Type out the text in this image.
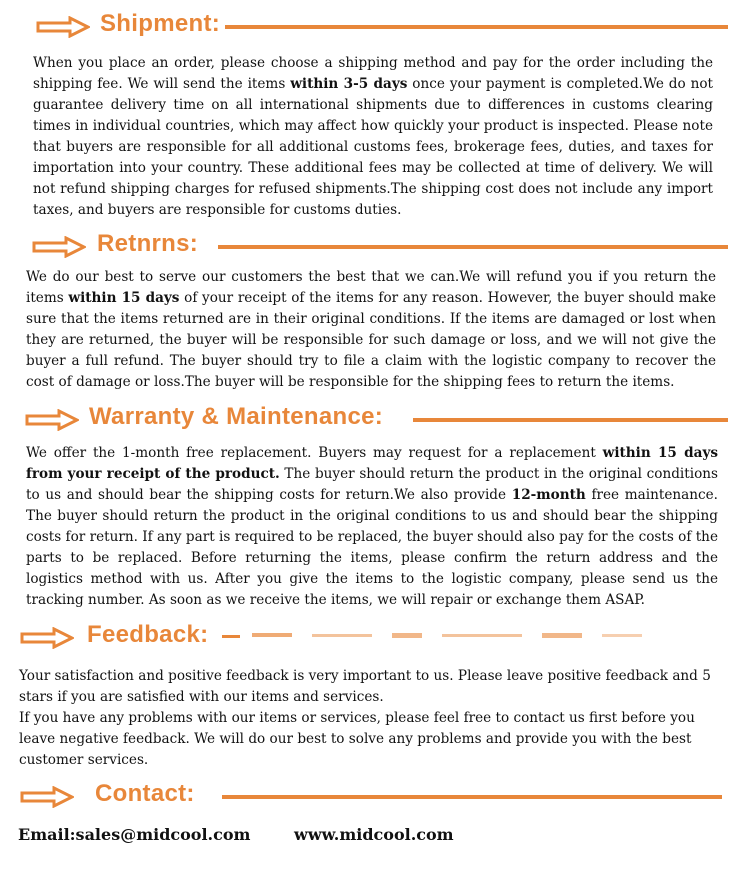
Shipment:

When you place an order, please choose a shipping method and pay for the order including the shipping fee. We will send the items within 3-5 days once your payment is completed.We do not guarantee delivery time on all international shipments due to differences in customs clearing times in individual countries, which may affect how quickly your product is inspected. Please note that buyers are responsible for all additional customs fees, brokerage fees, duties, and taxes for importation into your country. These additional fees may be collected at time of delivery. We will not refund shipping charges for refused shipments.The shipping cost does not include any import taxes, and buyers are responsible for customs duties.

Retnrns:

We do our best to serve our customers the best that we can.We will refund you if you return the items within 15 days of your receipt of the items for any reason. However, the buyer should make sure that the items returned are in their original conditions. If the items are damaged or lost when they are returned, the buyer will be responsible for such damage or loss, and we will not give the buyer a full refund. The buyer should try to file a claim with the logistic company to recover the cost of damage or loss.The buyer will be responsible for the shipping fees to return the items.

Warranty & Maintenance:

We offer the 1-month free replacement. Buyers may request for a replacement within 15 days from your receipt of the product. The buyer should return the product in the original conditions to us and should bear the shipping costs for return.We also provide 12-month free maintenance. The buyer should return the product in the original conditions to us and should bear the shipping costs for return. If any part is required to be replaced, the buyer should also pay for the costs of the parts to be replaced. Before returning the items, please confirm the return address and the logistics method with us. After you give the items to the logistic company, please send us the tracking number. As soon as we receive the items, we will repair or exchange them ASAP.

Feedback:

Your satisfaction and positive feedback is very important to us. Please leave positive feedback and 5 stars if you are satisfied with our items and services.

If you have any problems with our items or services, please feel free to contact us first before you leave negative feedback. We will do our best to solve any problems and provide you with the best customer services.

Contact:
Email:sales@midcool.com	www.midcool.com
